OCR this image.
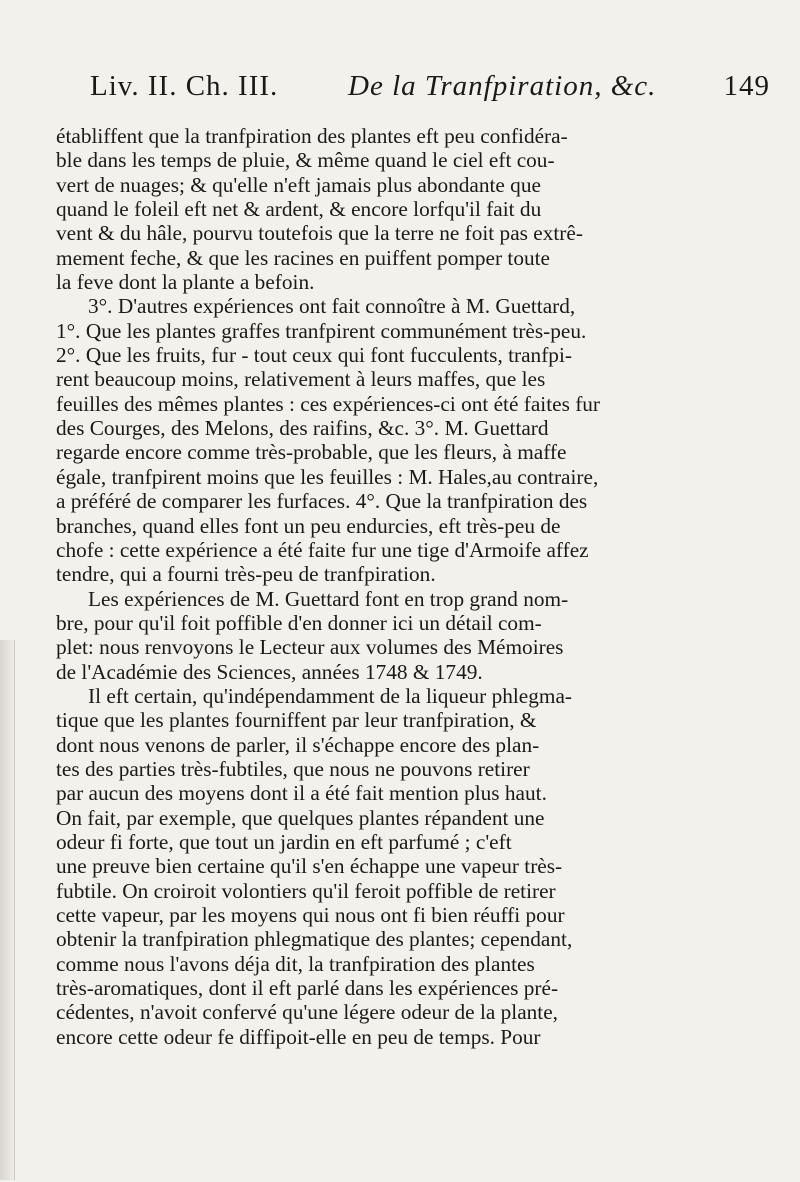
Liv. II. Ch. III. De la Tranfpiration, &c. 149
établiffent que la tranfpiration des plantes eft peu confidéra-
ble dans les temps de pluie, & même quand le ciel eft cou-
vert de nuages; & qu'elle n'eft jamais plus abondante que
quand le foleil eft net & ardent, & encore lorfqu'il fait du
vent & du hâle, pourvu toutefois que la terre ne foit pas extrê-
mement feche, & que les racines en puiffent pomper toute
la feve dont la plante a befoin.
3°. D'autres expériences ont fait connoître à M. Guettard,
1°. Que les plantes graffes tranfpirent communément très-peu.
2°. Que les fruits, fur - tout ceux qui font fucculents, tranfpi-
rent beaucoup moins, relativement à leurs maffes, que les
feuilles des mêmes plantes : ces expériences-ci ont été faites fur
des Courges, des Melons, des raifins, &c. 3°. M. Guettard
regarde encore comme très-probable, que les fleurs, à maffe
égale, tranfpirent moins que les feuilles : M. Hales,au contraire,
a préféré de comparer les furfaces. 4°. Que la tranfpiration des
branches, quand elles font un peu endurcies, eft très-peu de
chofe : cette expérience a été faite fur une tige d'Armoife affez
tendre, qui a fourni très-peu de tranfpiration.
Les expériences de M. Guettard font en trop grand nom-
bre, pour qu'il foit poffible d'en donner ici un détail com-
plet: nous renvoyons le Lecteur aux volumes des Mémoires
de l'Académie des Sciences, années 1748 & 1749.
Il eft certain, qu'indépendamment de la liqueur phlegma-
tique que les plantes fourniffent par leur tranfpiration, &
dont nous venons de parler, il s'échappe encore des plan-
tes des parties très-fubtiles, que nous ne pouvons retirer
par aucun des moyens dont il a été fait mention plus haut.
On fait, par exemple, que quelques plantes répandent une
odeur fi forte, que tout un jardin en eft parfumé ; c'eft
une preuve bien certaine qu'il s'en échappe une vapeur très-
fubtile. On croiroit volontiers qu'il feroit poffible de retirer
cette vapeur, par les moyens qui nous ont fi bien réuffi pour
obtenir la tranfpiration phlegmatique des plantes; cependant,
comme nous l'avons déja dit, la tranfpiration des plantes
très-aromatiques, dont il eft parlé dans les expériences pré-
cédentes, n'avoit confervé qu'une légere odeur de la plante,
encore cette odeur fe diffipoit-elle en peu de temps. Pour
